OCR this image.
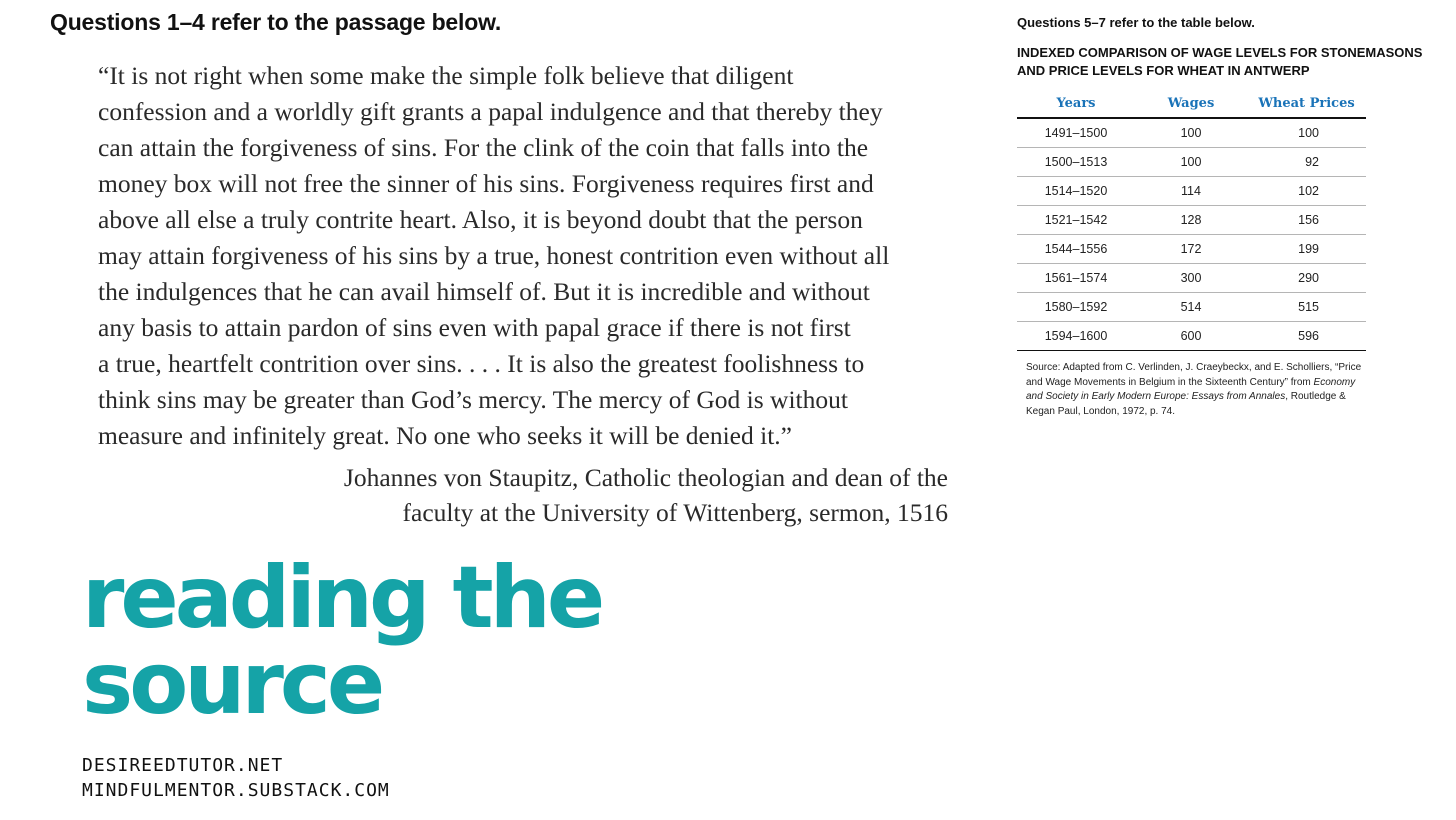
Questions 1–4 refer to the passage below.

“It is not right when some make the simple folk believe that diligent
confession and a worldly gift grants a papal indulgence and that thereby they
can attain the forgiveness of sins. For the clink of the coin that falls into the
money box will not free the sinner of his sins. Forgiveness requires first and
above all else a truly contrite heart. Also, it is beyond doubt that the person
may attain forgiveness of his sins by a true, honest contrition even without all
the indulgences that he can avail himself of. But it is incredible and without
any basis to attain pardon of sins even with papal grace if there is not first
a true, heartfelt contrition over sins. . . . It is also the greatest foolishness to
think sins may be greater than God’s mercy. The mercy of God is without
measure and infinitely great. No one who seeks it will be denied it.”

Johannes von Staupitz, Catholic theologian and dean of the
faculty at the University of Wittenberg, sermon, 1516

reading the
source
DESIREEDTUTOR.NET
MINDFULMENTOR.SUBSTACK.COM
Questions 5–7 refer to the table below.
INDEXED COMPARISON OF WAGE LEVELS FOR STONEMASONS
AND PRICE LEVELS FOR WHEAT IN ANTWERP
Years	Wages	Wheat Prices
1491–1500	100	100
1500–1513	100	92
1514–1520	114	102
1521–1542	128	156
1544–1556	172	199
1561–1574	300	290
1580–1592	514	515
1594–1600	600	596
Source: Adapted from C. Verlinden, J. Craeybeckx, and E. Scholliers, “Price and Wage Movements in Belgium in the Sixteenth Century” from Economy and Society in Early Modern Europe: Essays from Annales, Routledge & Kegan Paul, London, 1972, p. 74.
